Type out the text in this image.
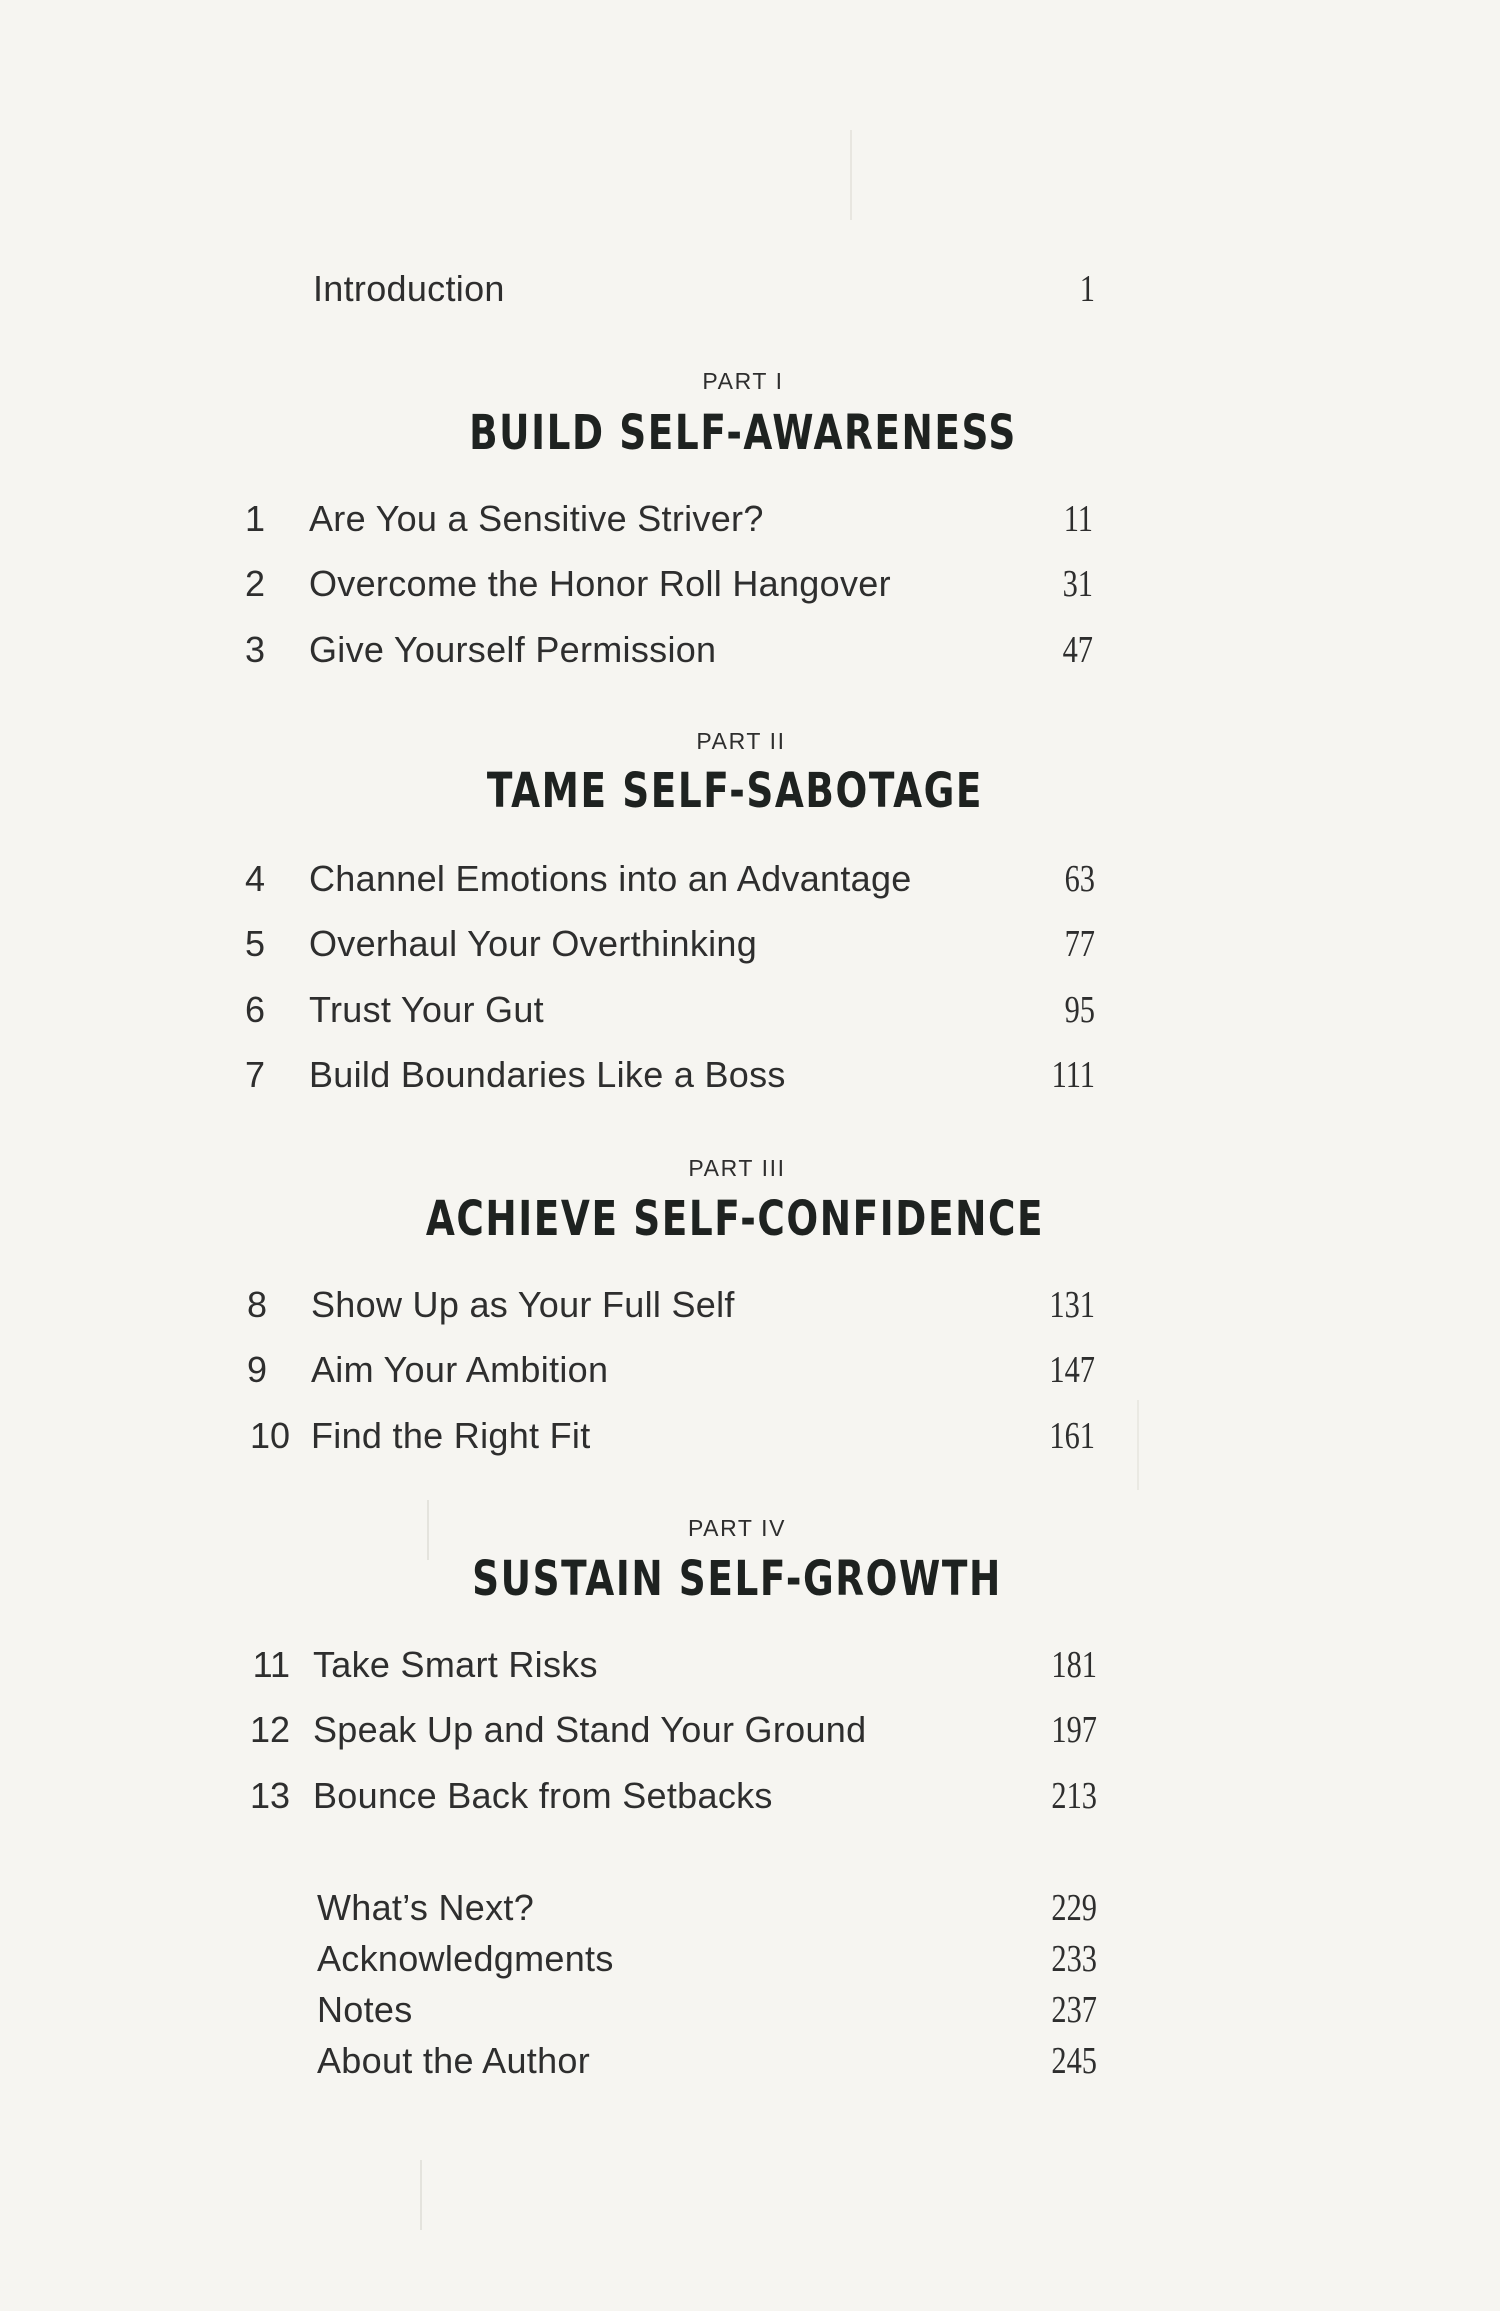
Introduction	1
PART I
BUILD SELF-AWARENESS
1 Are You a Sensitive Striver?	11
2 Overcome the Honor Roll Hangover	31
3 Give Yourself Permission	47
PART II
TAME SELF-SABOTAGE
4 Channel Emotions into an Advantage	63
5 Overhaul Your Overthinking	77
6 Trust Your Gut	95
7 Build Boundaries Like a Boss	111
PART III
ACHIEVE SELF-CONFIDENCE
8 Show Up as Your Full Self	131
9 Aim Your Ambition	147
10 Find the Right Fit	161
PART IV
SUSTAIN SELF-GROWTH
11 Take Smart Risks	181
12 Speak Up and Stand Your Ground	197
13 Bounce Back from Setbacks	213
What’s Next?	229
Acknowledgments	233
Notes	237
About the Author	245
